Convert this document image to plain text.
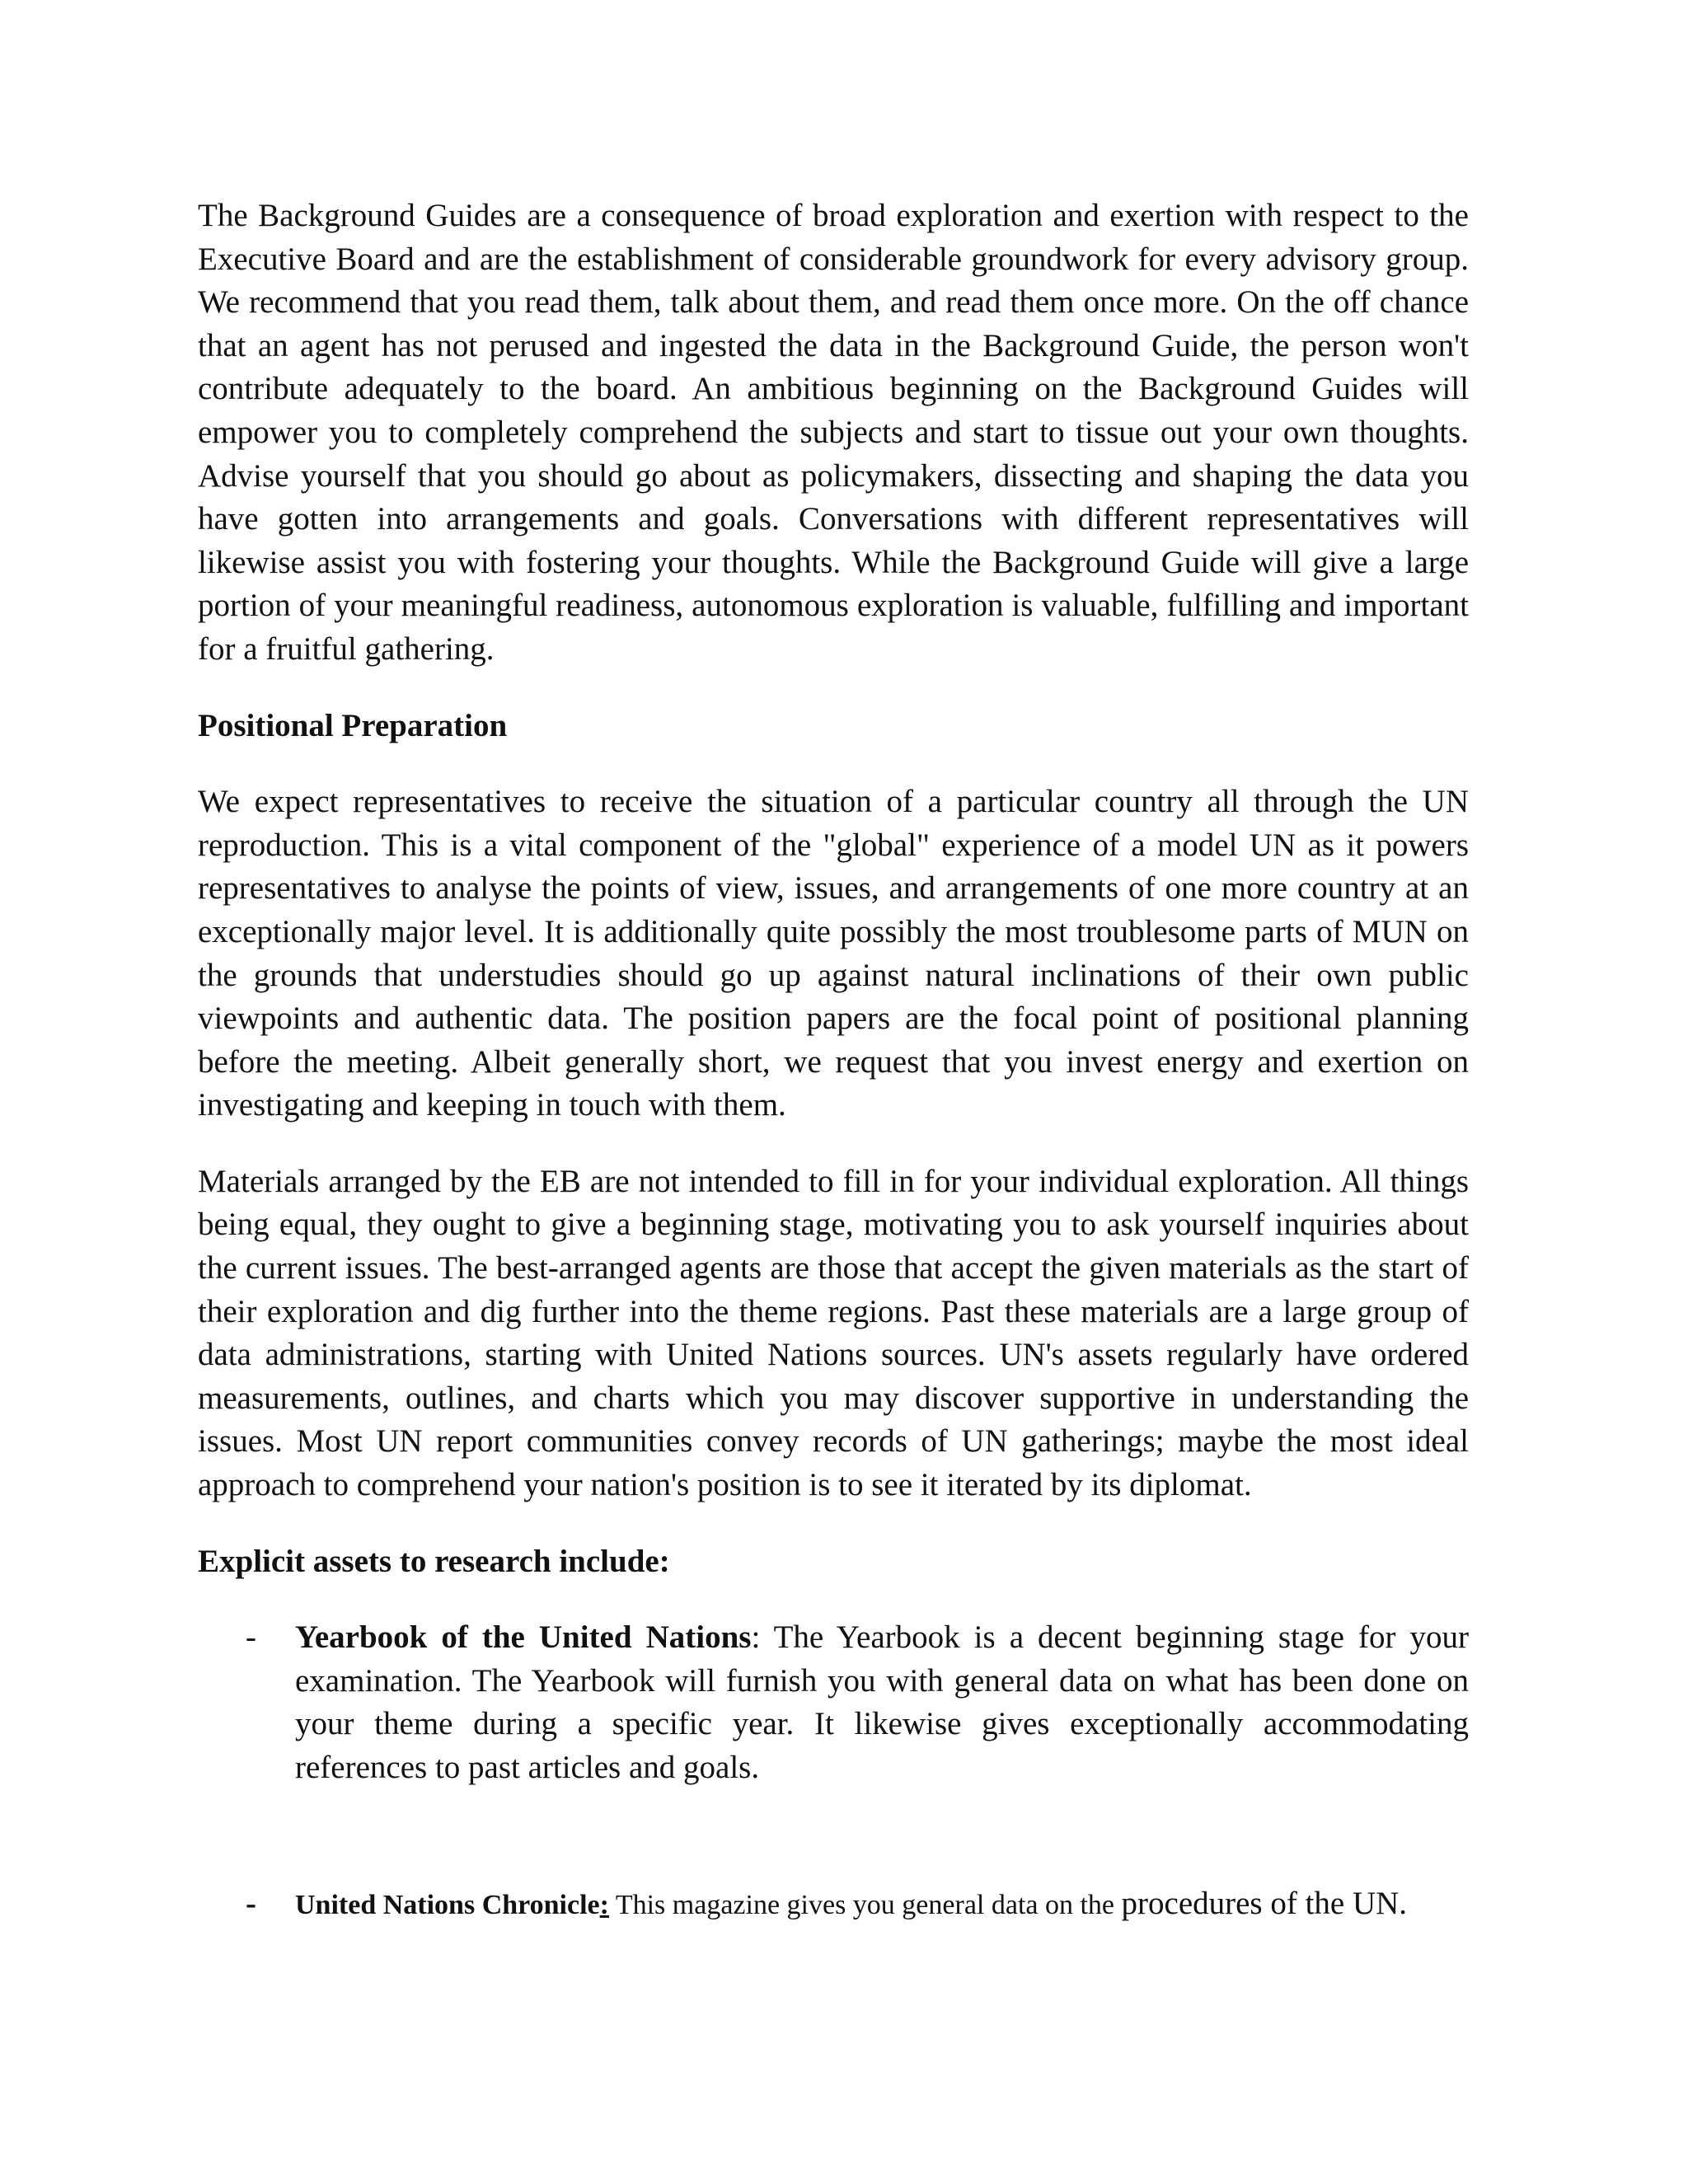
The Background Guides are a consequence of broad exploration and exertion with respect to the Executive Board and are the establishment of considerable groundwork for every advisory group. We recommend that you read them, talk about them, and read them once more. On the off chance that an agent has not perused and ingested the data in the Background Guide, the person won't contribute adequately to the board. An ambitious beginning on the Background Guides will empower you to completely comprehend the subjects and start to tissue out your own thoughts. Advise yourself that you should go about as policymakers, dissecting and shaping the data you have gotten into arrangements and goals. Conversations with different representatives will likewise assist you with fostering your thoughts. While the Background Guide will give a large portion of your meaningful readiness, autonomous exploration is valuable, fulfilling and important for a fruitful gathering.

Positional Preparation

We expect representatives to receive the situation of a particular country all through the UN reproduction. This is a vital component of the "global" experience of a model UN as it powers representatives to analyse the points of view, issues, and arrangements of one more country at an exceptionally major level. It is additionally quite possibly the most troublesome parts of MUN on the grounds that understudies should go up against natural inclinations of their own public viewpoints and authentic data. The position papers are the focal point of positional planning before the meeting. Albeit generally short, we request that you invest energy and exertion on investigating and keeping in touch with them.

Materials arranged by the EB are not intended to fill in for your individual exploration. All things being equal, they ought to give a beginning stage, motivating you to ask yourself inquiries about the current issues. The best-arranged agents are those that accept the given materials as the start of their exploration and dig further into the theme regions. Past these materials are a large group of data administrations, starting with United Nations sources. UN's assets regularly have ordered measurements, outlines, and charts which you may discover supportive in understanding the issues. Most UN report communities convey records of UN gatherings; maybe the most ideal approach to comprehend your nation's position is to see it iterated by its diplomat.

Explicit assets to research include:

- Yearbook of the United Nations: The Yearbook is a decent beginning stage for your examination. The Yearbook will furnish you with general data on what has been done on your theme during a specific year. It likewise gives exceptionally accommodating references to past articles and goals.
- United Nations Chronicle: This magazine gives you general data on the procedures of the UN.
